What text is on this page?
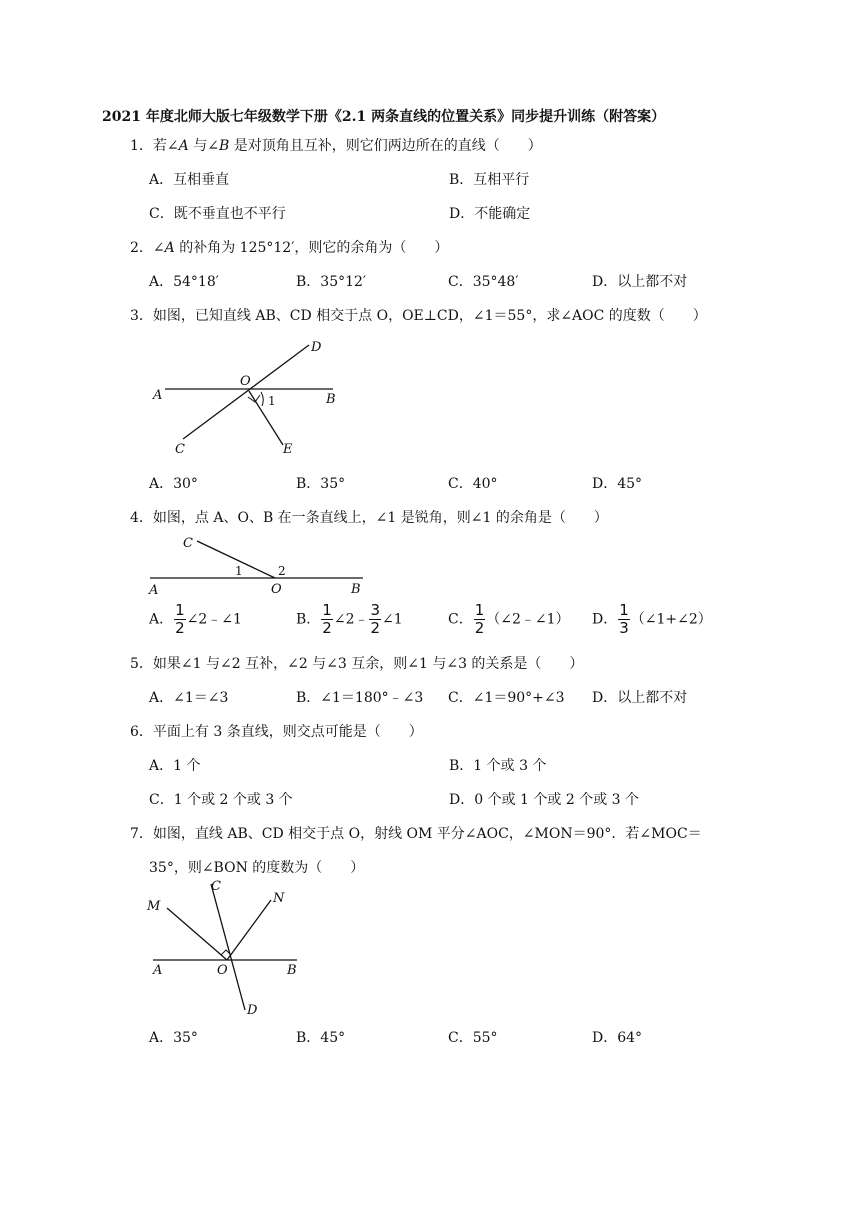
2021 年度北师大版七年级数学下册《2.1 两条直线的位置关系》同步提升训练（附答案）
1．若∠A 与∠B 是对顶角且互补，则它们两边所在的直线（　　）
A．互相垂直	B．互相平行
C．既不垂直也不平行	D．不能确定
2．∠A 的补角为 125°12′，则它的余角为（　　）
A．54°18′	B．35°12′	C．35°48′	D．以上都不对
3．如图，已知直线 AB、CD 相交于点 O，OE⊥CD，∠1＝55°，求∠AOC 的度数（　　）
A	B
C
D
E
O
1
A．30°	B．35°	C．40°	D．45°
4．如图，点 A、O、B 在一条直线上，∠1 是锐角，则∠1 的余角是（　　）
C
A	O	B
1	2
A． $\frac{1}{2}$ ∠2﹣∠1	B． $\frac{1}{2}$ ∠2﹣ $\frac{3}{2}$ ∠1	C． $\frac{1}{2}$ （∠2﹣∠1） D． $\frac{1}{3}$ （∠1+∠2）
5．如果∠1 与∠2 互补，∠2 与∠3 互余，则∠1 与∠3 的关系是（　　）
A．∠1＝∠3	B．∠1＝180°﹣∠3 C．∠1＝90°+∠3 D．以上都不对
6．平面上有 3 条直线，则交点可能是（　　）
A．1 个	B．1 个或 3 个
C．1 个或 2 个或 3 个	D．0 个或 1 个或 2 个或 3 个
7．如图，直线 AB、CD 相交于点 O，射线 OM 平分∠AOC，∠MON＝90°．若∠MOC＝
35°，则∠BON 的度数为（　　）
M
C
N
A	O	B
D
A．35°	B．45°	C．55°	D．64°
